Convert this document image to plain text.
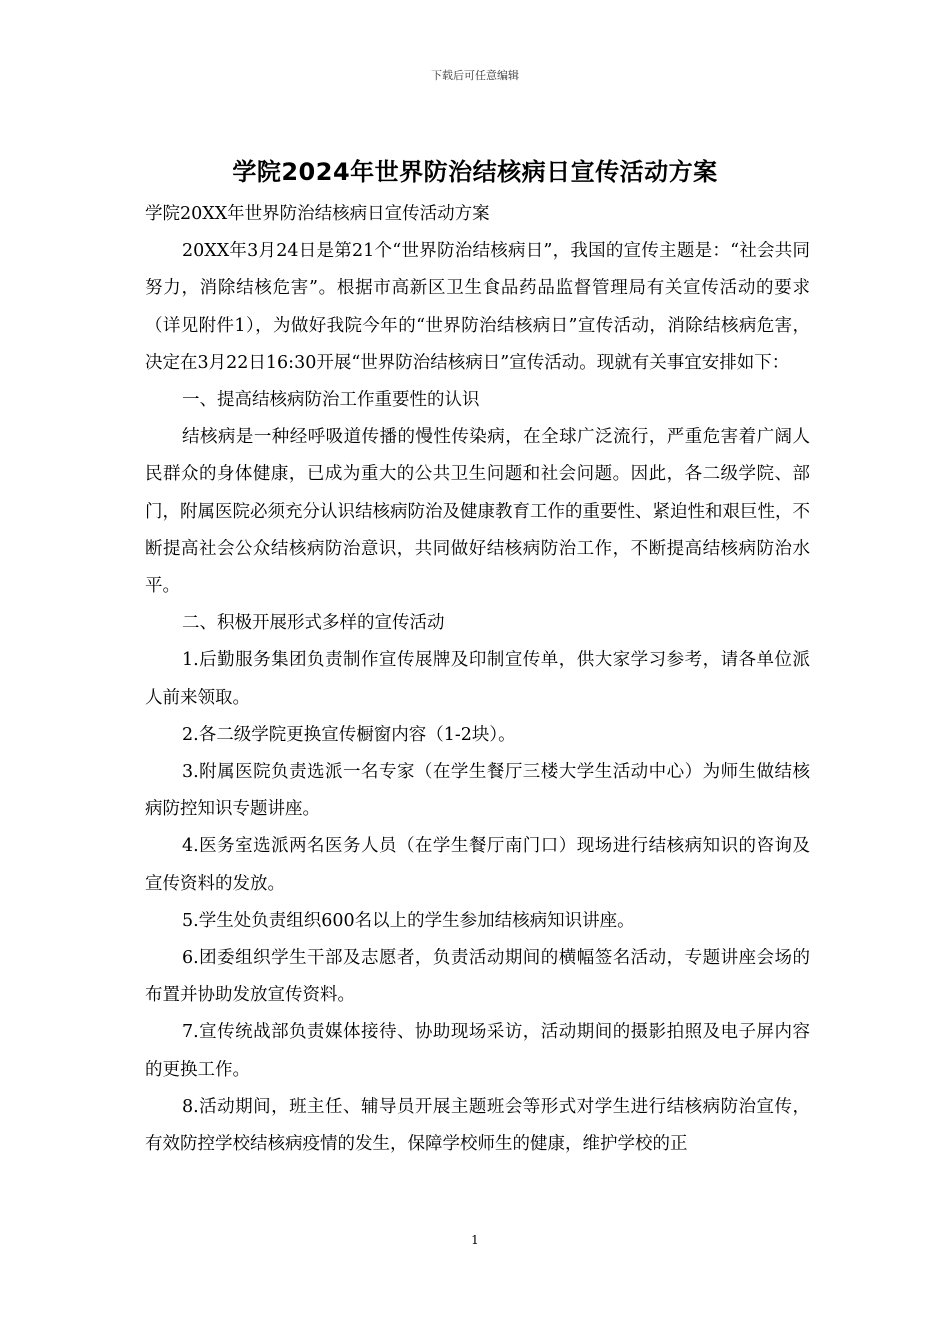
下载后可任意编辑
学院2024年世界防治结核病日宣传活动方案

学院20XX年世界防治结核病日宣传活动方案

20XX年3月24日是第21个“世界防治结核病日”，我国的宣传主题是：“社会共同努力，消除结核危害”。根据市高新区卫生食品药品监督管理局有关宣传活动的要求（详见附件1），为做好我院今年的“世界防治结核病日”宣传活动，消除结核病危害，决定在3月22日16:30开展“世界防治结核病日”宣传活动。现就有关事宜安排如下：

一、提高结核病防治工作重要性的认识

结核病是一种经呼吸道传播的慢性传染病，在全球广泛流行，严重危害着广阔人民群众的身体健康，已成为重大的公共卫生问题和社会问题。因此，各二级学院、部门，附属医院必须充分认识结核病防治及健康教育工作的重要性、紧迫性和艰巨性，不断提高社会公众结核病防治意识，共同做好结核病防治工作，不断提高结核病防治水平。

二、积极开展形式多样的宣传活动

1.后勤服务集团负责制作宣传展牌及印制宣传单，供大家学习参考，请各单位派人前来领取。

2.各二级学院更换宣传橱窗内容（1-2块）。

3.附属医院负责选派一名专家（在学生餐厅三楼大学生活动中心）为师生做结核病防控知识专题讲座。

4.医务室选派两名医务人员（在学生餐厅南门口）现场进行结核病知识的咨询及宣传资料的发放。

5.学生处负责组织600名以上的学生参加结核病知识讲座。

6.团委组织学生干部及志愿者，负责活动期间的横幅签名活动，专题讲座会场的布置并协助发放宣传资料。

7.宣传统战部负责媒体接待、协助现场采访，活动期间的摄影拍照及电子屏内容的更换工作。

8.活动期间，班主任、辅导员开展主题班会等形式对学生进行结核病防治宣传，有效防控学校结核病疫情的发生，保障学校师生的健康，维护学校的正

1
